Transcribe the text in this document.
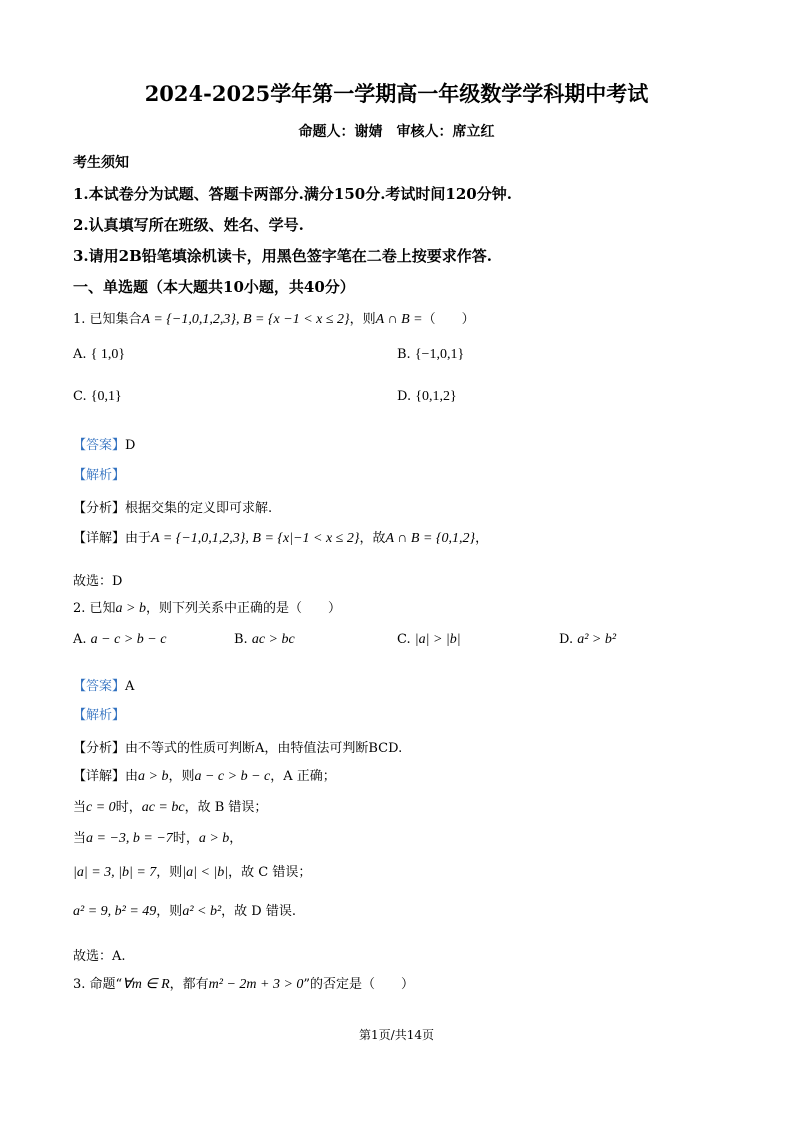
2024-2025学年第一学期高一年级数学学科期中考试
命题人：谢婧　审核人：席立红
考生须知
1.本试卷分为试题、答题卡两部分.满分150分.考试时间120分钟.
2.认真填写所在班级、姓名、学号.
3.请用2B铅笔填涂机读卡，用黑色签字笔在二卷上按要求作答.
一、单选题（本大题共10小题，共40分）
1. 已知集合A = {−1,0,1,2,3}, B = {x −1 < x ≤ 2}，则A ∩ B =（　　）
A. { 1,0}	B. {−1,0,1}
C. {0,1}	D. {0,1,2}
【答案】D
【解析】
【分析】根据交集的定义即可求解.
【详解】由于A = {−1,0,1,2,3}, B = {x|−1 < x ≤ 2}，故A ∩ B = {0,1,2}，
故选：D
2. 已知a > b，则下列关系中正确的是（　　）
A. a − c > b − c	B. ac > bc	C. |a| > |b|	D. a² > b²
【答案】A
【解析】
【分析】由不等式的性质可判断A，由特值法可判断BCD.
【详解】由a > b，则a − c > b − c，A 正确；
当c = 0时，ac = bc，故 B 错误；
当a = −3, b = −7时，a > b，
|a| = 3, |b| = 7，则|a| < |b|，故 C 错误；
a² = 9, b² = 49，则a² < b²，故 D 错误.
故选：A.
3. 命题“∀m ∈ R，都有m² − 2m + 3 > 0”的否定是（　　）
第1页/共14页
